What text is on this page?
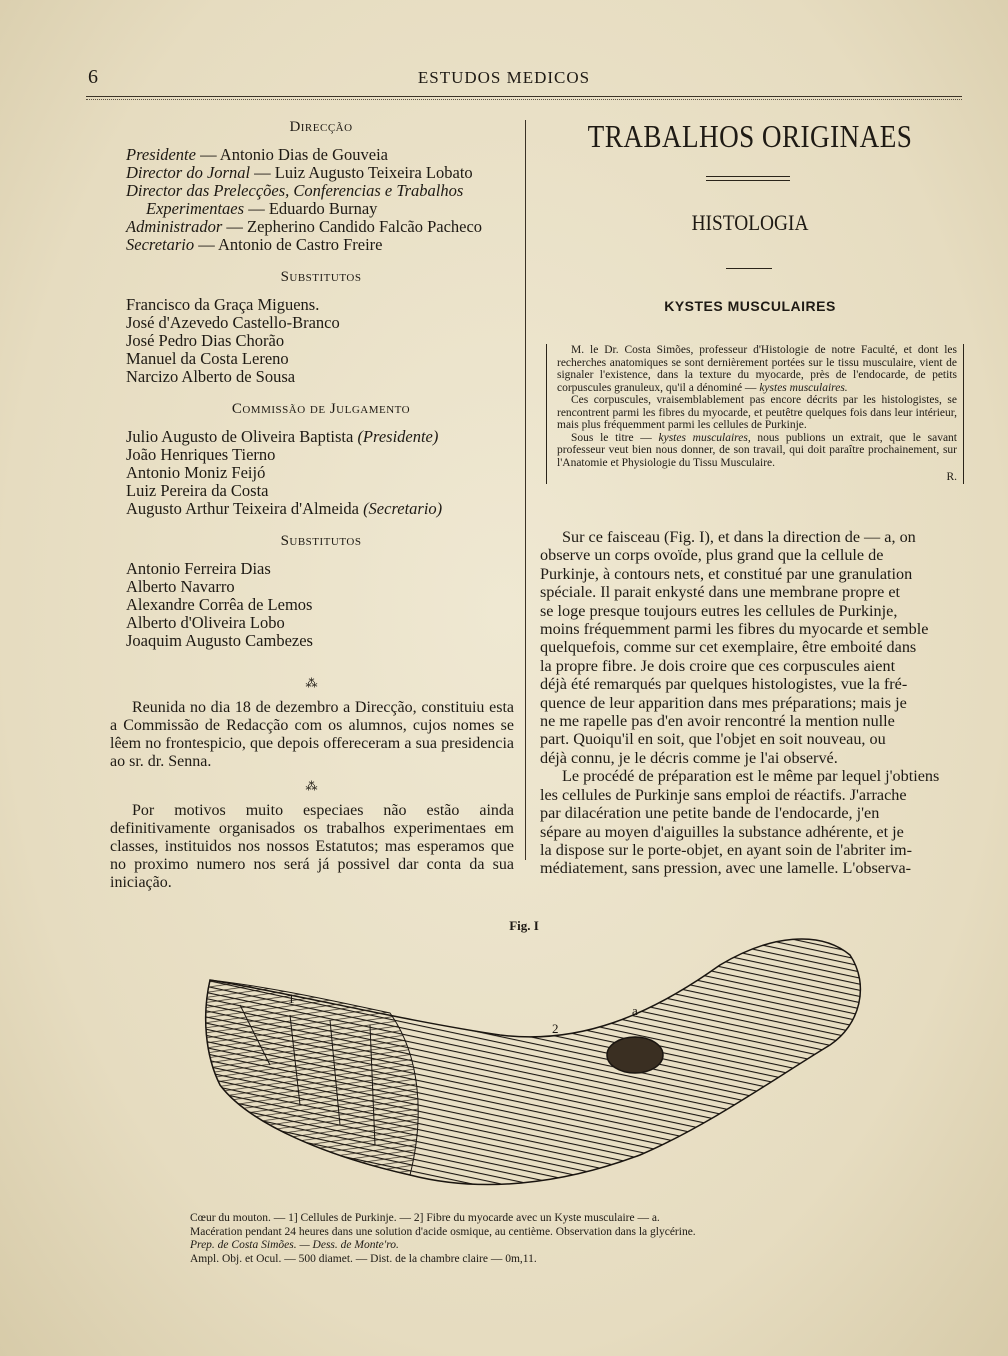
6	ESTUDOS MEDICOS
Direcção
Presidente — Antonio Dias de Gouveia
Director do Jornal — Luiz Augusto Teixeira Lobato
Director das Prelecções, Conferencias e Trabalhos
Experimentaes — Eduardo Burnay
Administrador — Zepherino Candido Falcão Pacheco
Secretario — Antonio de Castro Freire
Substitutos
Francisco da Graça Miguens.
José d'Azevedo Castello-Branco
José Pedro Dias Chorão
Manuel da Costa Lereno
Narcizo Alberto de Sousa
Commissão de Julgamento
Julio Augusto de Oliveira Baptista (Presidente)
João Henriques Tierno
Antonio Moniz Feijó
Luiz Pereira da Costa
Augusto Arthur Teixeira d'Almeida (Secretario)
Substitutos
Antonio Ferreira Dias
Alberto Navarro
Alexandre Corrêa de Lemos
Alberto d'Oliveira Lobo
Joaquim Augusto Cambezes
⁂

Reunida no dia 18 de dezembro a Direcção, constituiu esta a Commissão de Redacção com os alumnos, cujos nomes se lêem no frontespicio, que depois offereceram a sua presidencia ao sr. dr. Senna.

⁂

Por motivos muito especiaes não estão ainda definitivamente organisados os trabalhos experimentaes em classes, instituidos nos nossos Estatutos; mas esperamos que no proximo numero nos será já possivel dar conta da sua iniciação.

TRABALHOS ORIGINAES
HISTOLOGIA
KYSTES MUSCULAIRES

M. le Dr. Costa Simões, professeur d'Histologie de notre Faculté, et dont les recherches anatomiques se sont dernièrement portées sur le tissu musculaire, vient de signaler l'existence, dans la texture du myocarde, près de l'endocarde, de petits corpuscules granuleux, qu'il a dénominé — kystes musculaires.

Ces corpuscules, vraisemblablement pas encore décrits par les histologistes, se rencontrent parmi les fibres du myocarde, et peutêtre quelques fois dans leur intérieur, mais plus fréquemment parmi les cellules de Purkinje.

Sous le titre — kystes musculaires, nous publions un extrait, que le savant professeur veut bien nous donner, de son travail, qui doit paraître prochainement, sur l'Anatomie et Physiologie du Tissu Musculaire.

R.

Sur ce faisceau (Fig. I), et dans la direction de — a, on
observe un corps ovoïde, plus grand que la cellule de
Purkinje, à contours nets, et constitué par une granulation
spéciale. Il parait enkysté dans une membrane propre et
se loge presque toujours eutres les cellules de Purkinje,
moins fréquemment parmi les fibres du myocarde et semble
quelquefois, comme sur cet exemplaire, être emboité dans
la propre fibre. Je dois croire que ces corpuscules aient
déjà été remarqués par quelques histologistes, vue la fré-
quence de leur apparition dans mes préparations; mais je
ne me rapelle pas d'en avoir rencontré la mention nulle
part. Quoiqu'il en soit, que l'objet en soit nouveau, ou
déjà connu, je le décris comme je l'ai observé.
Le procédé de préparation est le même par lequel j'obtiens
les cellules de Purkinje sans emploi de réactifs. J'arrache
par dilacération une petite bande de l'endocarde, j'en
sépare au moyen d'aiguilles la substance adhérente, et je
la dispose sur le porte-objet, en ayant soin de l'abriter im-
médiatement, sans pression, avec une lamelle. L'observa-
Fig. I
1
2
a
Cœur du mouton. — 1] Cellules de Purkinje. — 2] Fibre du myocarde avec un Kyste musculaire — a.
Macération pendant 24 heures dans une solution d'acide osmique, au centième. Observation dans la glycérine.
Prep. de Costa Simões. — Dess. de Monte'ro.
Ampl. Obj. et Ocul. — 500 diamet. — Dist. de la chambre claire — 0m,11.
